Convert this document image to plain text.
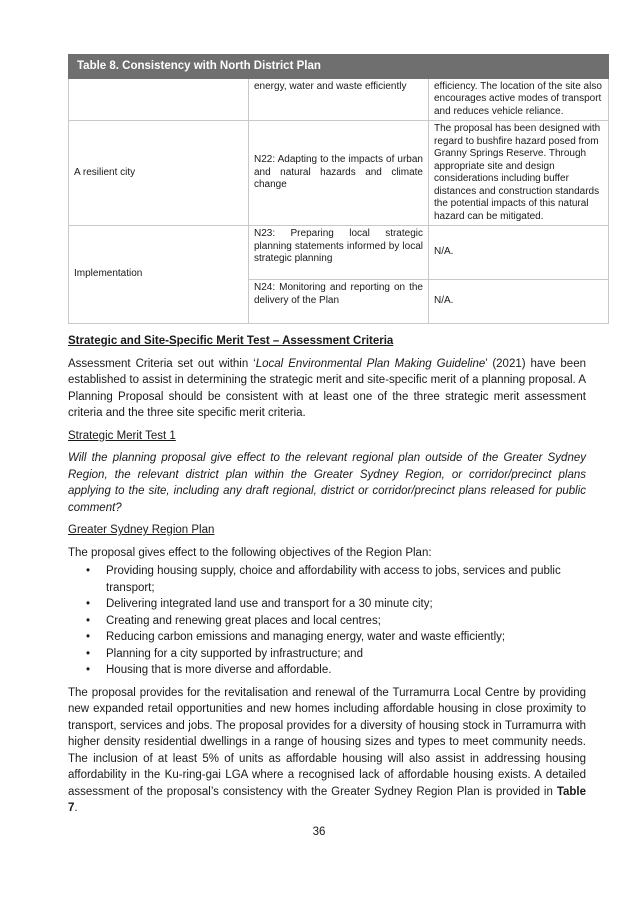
Table 8. Consistency with North District Plan		
	energy, water and waste efficiently	efficiency. The location of the site also encourages active modes of transport and reduces vehicle reliance.
A resilient city	N22: Adapting to the impacts of urban and natural hazards and climate change	The proposal has been designed with regard to bushfire hazard posed from Granny Springs Reserve. Through appropriate site and design considerations including buffer distances and construction standards the potential impacts of this natural hazard can be mitigated.
Implementation	N23: Preparing local strategic planning statements informed by local strategic planning	N/A.
	N24: Monitoring and reporting on the delivery of the Plan	N/A.
Strategic and Site-Specific Merit Test – Assessment Criteria

Assessment Criteria set out within ‘Local Environmental Plan Making Guideline’ (2021) have been established to assist in determining the strategic merit and site-specific merit of a planning proposal. A Planning Proposal should be consistent with at least one of the three strategic merit assessment criteria and the three site specific merit criteria.

Strategic Merit Test 1

Will the planning proposal give effect to the relevant regional plan outside of the Greater Sydney Region, the relevant district plan within the Greater Sydney Region, or corridor/precinct plans applying to the site, including any draft regional, district or corridor/precinct plans released for public comment?

Greater Sydney Region Plan

The proposal gives effect to the following objectives of the Region Plan:

• Providing housing supply, choice and affordability with access to jobs, services and public transport;
• Delivering integrated land use and transport for a 30 minute city;
• Creating and renewing great places and local centres;
• Reducing carbon emissions and managing energy, water and waste efficiently;
• Planning for a city supported by infrastructure; and
• Housing that is more diverse and affordable.

The proposal provides for the revitalisation and renewal of the Turramurra Local Centre by providing new expanded retail opportunities and new homes including affordable housing in close proximity to transport, services and jobs. The proposal provides for a diversity of housing stock in Turramurra with higher density residential dwellings in a range of housing sizes and types to meet community needs. The inclusion of at least 5% of units as affordable housing will also assist in addressing housing affordability in the Ku-ring-gai LGA where a recognised lack of affordable housing exists. A detailed assessment of the proposal’s consistency with the Greater Sydney Region Plan is provided in Table 7.

36
